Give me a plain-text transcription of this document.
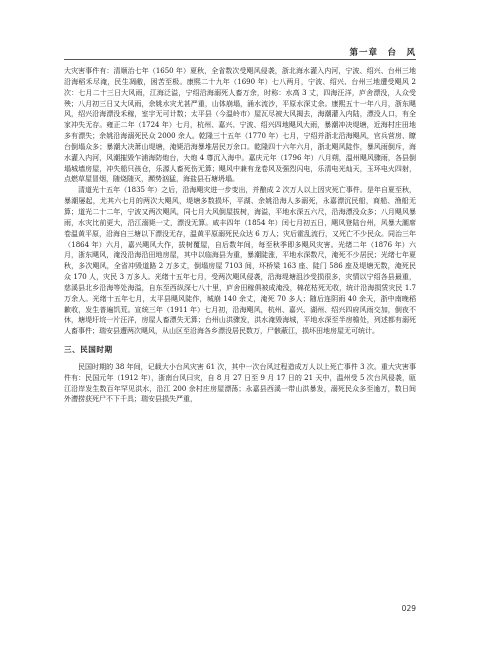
第一章　台　风

大灾害事件有：清顺治七年（1650 年）夏秋，全省数次受飓风侵袭，浙北海水灌入内河，宁波、绍兴、台州三地沿海稻禾尽淹，民生凋敝，困苦至极。康熙二十九年（1690 年）七八两月，宁波、绍兴、台州三地遭受飓风 2 次：七月二十三日大风雨，江海泛溢，宁绍沿海溺死人畜万余，时称：水高 3 丈，四海汪洋，庐舍漂没，人众受殃；八月初三日又大风雨，余姚水灾尤甚严重，山体崩塌，涌水流沙，平原水深丈余。康熙五十一年八月，浙东飓风，绍兴沿海漂没禾稼，室宇无可计数；太平县（今温岭市）屋瓦尽被大风揭去，海潮灌入内陆，漂没人口，有全家冲失无存。雍正二年（1724 年）七月，杭州、嘉兴、宁波、绍兴四地飓风大雨，暴潮冲决堤塘，近海村庄田地多有漂失；余姚沿海溺死民众 2000 余人。乾隆三十五年（1770 年）七月，宁绍并浙北沿海飓风，官兵营房、瞭台倒塌众多；暴潮大决萧山堤塘，淹毙沿海暴堆居民万余口。乾隆四十六年六月，浙北飓风陡作，暴风雨倒斥，海水灌入内河，风潮摧毁乍浦海防炮台，大炮 4 尊沉入海中。嘉庆元年（1796 年）八月朔，温州飓风骤雨，各县倒塌城墙房屋，冲失船只孩仓，乐源人畜死伤无算；飓风中兼有龙卷风及强烈闪电，乐清电光灿天，玉环电火四射，点燃草屋冒烟，随烧随灭，瀕势汹猛，海盐县石塘坍塌。

清道光十五年（1835 年）之后，沿海飓灾进一步变出，并酿成 2 次万人以上因灾死亡事件。是年自夏至秋，暴潮屡起，尤其六七月的两次大飓风，堤塘多数损坏，平湖、余姚沿海人多溺死，永嘉漂沉民船，商船、渔船无算；道光二十二年，宁波又两次飓风，同七月大风倒屋拔树，海溢，平地水深五六尺，沿海漂没众多；八月飓风暴雨，水灾比前更大，沿江溺毙一丈，漂没无算。咸丰四年（1854 年）闰七月初五日，飓风登陆台州，风暴大潮席卷温黄平原，沿海自三塘以下漂没无存，温黄平原溺死民众达 6 万人；灾后霍乱流行，又死亡不少民众。同治三年（1864 年）六月，嘉兴飓风大作，拔树覆屋，自后数年间，每至秋季即多飓风灾害。光绪二年（1876 年）六月，浙东飓风，淹没沿海沿田地房屋，其中以临海县为重，暴潮陡涨，平地水深数尺，淹死不少居民；光绪七年夏秋，多次飓风，全省冲毁道路 2 万多丈，倒塌房屋 7103 间，坏桥梁 163 座、陡门 586 座及堤塘无数，淹死民众 170 人，灾民 3 万多人。光绪十五年七月，受两次飓风侵袭，沿海堤塘沮沙受损很多，灾情以宁绍各县最重，慈溪县北乡沿海等处海溢，自东至西纵深七八十里，庐舍田稼俱被成淹没，棉花枯死无收，统计沿海损赁灾民 1.7 万余人。光绪十五年七月，太平县飓风陡作，城崩 140 余丈，淹死 70 多人；随后连阴雨 40 余天，浙中南晚稻歉收，发生普遍饥荒。宣统三年（1911 年）七月初，沿海飓风，杭州、嘉兴、湖州、绍兴四府风雨交加，倒夜不休，塘堤圩垸一片汪洋，房屋人畜漂失无算；台州山洪骤发，洪水淹毁海城，平地水深至半房檐处，列述都有溺死人畜事件；瑞安县遭两次飓风，从山区至沿海各乡漂没居民数万，尸骸蔽江，损坏田地房屋无可统计。

三、民国时期

民国时期的 38 年间，记载大小台风灾害 61 次，其中一次台风过程造成万人以上死亡事件 3 次。重大灾害事件有：民国元年（1912 年），浙南台风曰灾，自 8 月 27 日至 9 月 17 日的 21 天中，温州受 5 次台风侵袭，瓯江沿岸发生数百年罕见洪水，沿江 200 余村庄房屋漂荡；永嘉县西溪一带山洪暴发，溺死民众多至逾万，数日间外漕捞获死尸不下千具；瑞安县损失严重，

029
